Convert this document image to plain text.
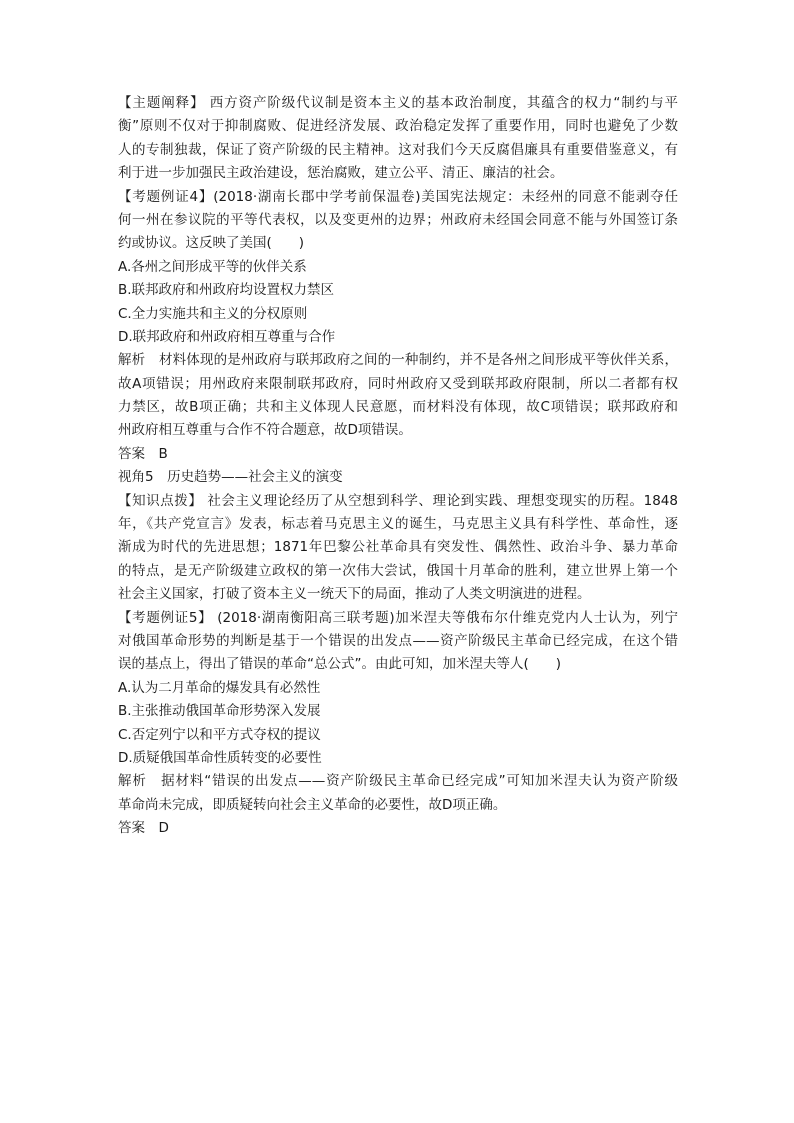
【主题阐释】 西方资产阶级代议制是资本主义的基本政治制度，其蕴含的权力“制约与平
衡”原则不仅对于抑制腐败、促进经济发展、政治稳定发挥了重要作用，同时也避免了少数
人的专制独裁，保证了资产阶级的民主精神。这对我们今天反腐倡廉具有重要借鉴意义，有
利于进一步加强民主政治建设，惩治腐败，建立公平、清正、廉洁的社会。
【考题例证4】(2018·湖南长郡中学考前保温卷)美国宪法规定：未经州的同意不能剥夺任
何一州在参议院的平等代表权，以及变更州的边界；州政府未经国会同意不能与外国签订条
约或协议。这反映了美国(　　)
A.各州之间形成平等的伙伴关系
B.联邦政府和州政府均设置权力禁区
C.全力实施共和主义的分权原则
D.联邦政府和州政府相互尊重与合作
解析　材料体现的是州政府与联邦政府之间的一种制约，并不是各州之间形成平等伙伴关系，
故A项错误；用州政府来限制联邦政府，同时州政府又受到联邦政府限制，所以二者都有权
力禁区，故B项正确；共和主义体现人民意愿，而材料没有体现，故C项错误；联邦政府和
州政府相互尊重与合作不符合题意，故D项错误。
答案　B
视角5　历史趋势——社会主义的演变
【知识点拨】 社会主义理论经历了从空想到科学、理论到实践、理想变现实的历程。1848
年，《共产党宣言》发表，标志着马克思主义的诞生，马克思主义具有科学性、革命性，逐
渐成为时代的先进思想；1871年巴黎公社革命具有突发性、偶然性、政治斗争、暴力革命
的特点，是无产阶级建立政权的第一次伟大尝试，俄国十月革命的胜利，建立世界上第一个
社会主义国家，打破了资本主义一统天下的局面，推动了人类文明演进的进程。
【考题例证5】 (2018·湖南衡阳高三联考题)加米涅夫等俄布尔什维克党内人士认为，列宁
对俄国革命形势的判断是基于一个错误的出发点——资产阶级民主革命已经完成，在这个错
误的基点上，得出了错误的革命“总公式”。由此可知，加米涅夫等人(　　)
A.认为二月革命的爆发具有必然性
B.主张推动俄国革命形势深入发展
C.否定列宁以和平方式夺权的提议
D.质疑俄国革命性质转变的必要性
解析　据材料“错误的出发点——资产阶级民主革命已经完成”可知加米涅夫认为资产阶级
革命尚未完成，即质疑转向社会主义革命的必要性，故D项正确。
答案　D
